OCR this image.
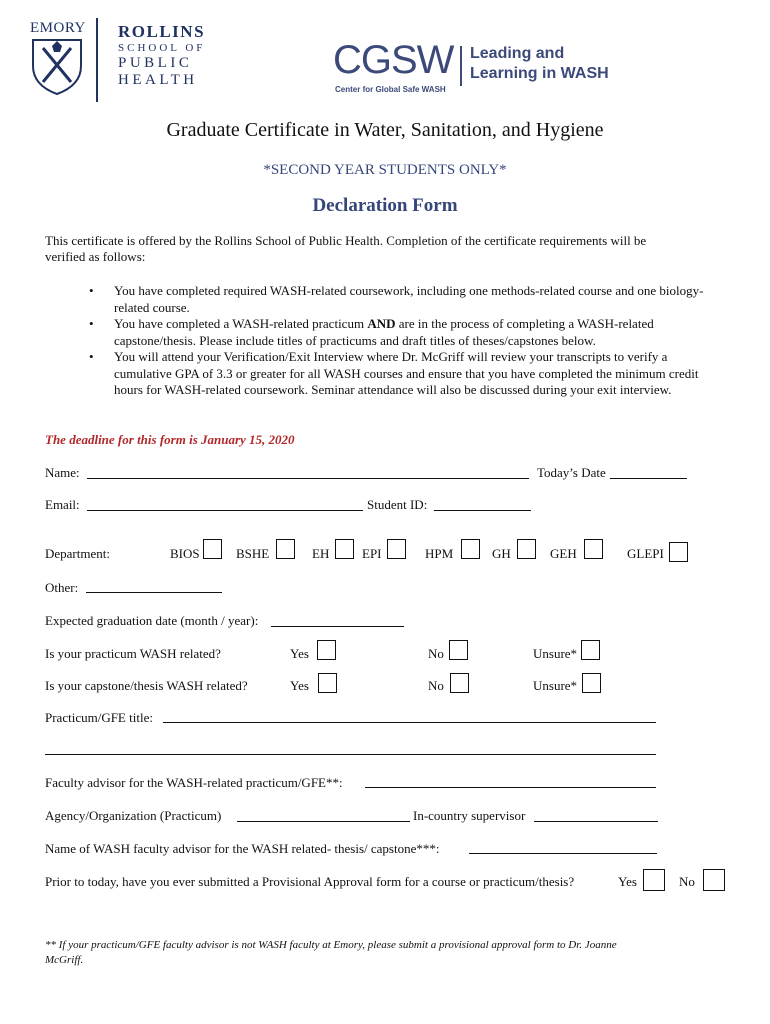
EMORY ROLLINS
SCHOOL OF
PUBLIC
HEALTH	CGSW Leading and
Learning in WASH
Center for Global Safe WASH
Graduate Certificate in Water, Sanitation, and Hygiene
*SECOND YEAR STUDENTS ONLY*
Declaration Form
This certificate is offered by the Rollins School of Public Health. Completion of the certificate requirements will be
verified as follows:
• You have completed required WASH-related coursework, including one methods-related course and one biology-related course.
• You have completed a WASH-related practicum AND are in the process of completing a WASH-related capstone/thesis. Please include titles of practicums and draft titles of theses/capstones below.
• You will attend your Verification/Exit Interview where Dr. McGriff will review your transcripts to verify a cumulative GPA of 3.3 or greater for all WASH courses and ensure that you have completed the minimum credit hours for WASH-related coursework. Seminar attendance will also be discussed during your exit interview.
The deadline for this form is January 15, 2020
Name:	Today’s Date
Email:	Student ID:
Department:	BIOS	BSHE	EH	EPI	HPM	GH	GEH	GLEPI
Other:
Expected graduation date (month / year):
Is your practicum WASH related?	Yes	No	Unsure*
Is your capstone/thesis WASH related?	Yes	No	Unsure*
Practicum/GFE title:
Faculty advisor for the WASH-related practicum/GFE**:
Agency/Organization (Practicum)	In-country supervisor
Name of WASH faculty advisor for the WASH related- thesis/ capstone***:
Prior to today, have you ever submitted a Provisional Approval form for a course or practicum/thesis?	Yes	No
** If your practicum/GFE faculty advisor is not WASH faculty at Emory, please submit a provisional approval form to Dr. Joanne
McGriff.
